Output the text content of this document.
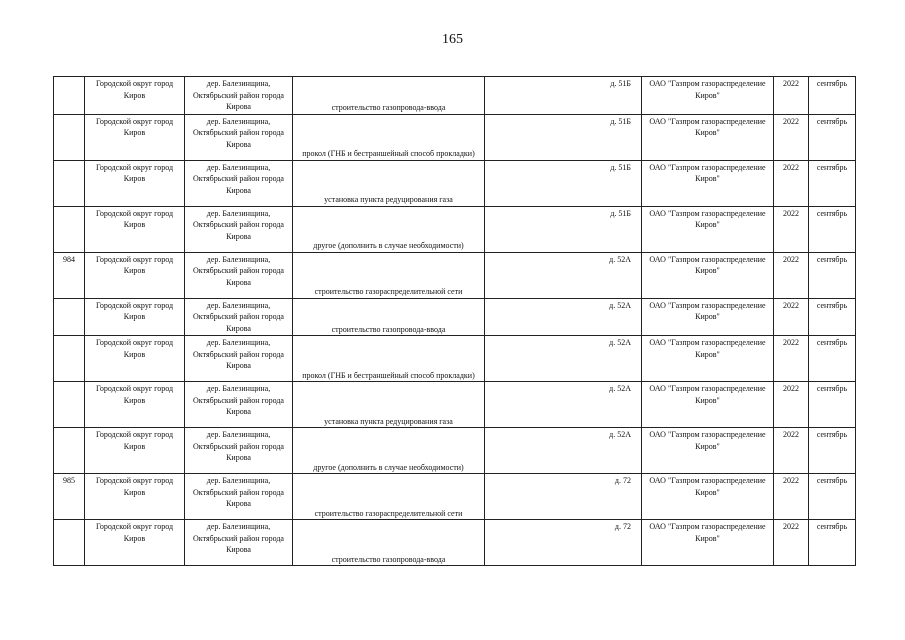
165
	Городской округ город Киров	дер. Балезинщина, Октябрьский район города Кирова	строительство газопровода-ввода	д. 51Б	ОАО "Газпром газораспределение Киров"	2022	сентябрь
	Городской округ город Киров	дер. Балезинщина, Октябрьский район города Кирова	прокол (ГНБ и бестраншейный способ прокладки)	д. 51Б	ОАО "Газпром газораспределение Киров"	2022	сентябрь
	Городской округ город Киров	дер. Балезинщина, Октябрьский район города Кирова	установка пункта редуцирования газа	д. 51Б	ОАО "Газпром газораспределение Киров"	2022	сентябрь
	Городской округ город Киров	дер. Балезинщина, Октябрьский район города Кирова	другое (дополнить в случае необходимости)	д. 51Б	ОАО "Газпром газораспределение Киров"	2022	сентябрь
984	Городской округ город Киров	дер. Балезинщина, Октябрьский район города Кирова	строительство газораспределительной сети	д. 52А	ОАО "Газпром газораспределение Киров"	2022	сентябрь
	Городской округ город Киров	дер. Балезинщина, Октябрьский район города Кирова	строительство газопровода-ввода	д. 52А	ОАО "Газпром газораспределение Киров"	2022	сентябрь
	Городской округ город Киров	дер. Балезинщина, Октябрьский район города Кирова	прокол (ГНБ и бестраншейный способ прокладки)	д. 52А	ОАО "Газпром газораспределение Киров"	2022	сентябрь
	Городской округ город Киров	дер. Балезинщина, Октябрьский район города Кирова	установка пункта редуцирования газа	д. 52А	ОАО "Газпром газораспределение Киров"	2022	сентябрь
	Городской округ город Киров	дер. Балезинщина, Октябрьский район города Кирова	другое (дополнить в случае необходимости)	д. 52А	ОАО "Газпром газораспределение Киров"	2022	сентябрь
985	Городской округ город Киров	дер. Балезинщина, Октябрьский район города Кирова	строительство газораспределительной сети	д. 72	ОАО "Газпром газораспределение Киров"	2022	сентябрь
	Городской округ город Киров	дер. Балезинщина, Октябрьский район города Кирова	строительство газопровода-ввода	д. 72	ОАО "Газпром газораспределение Киров"	2022	сентябрь
